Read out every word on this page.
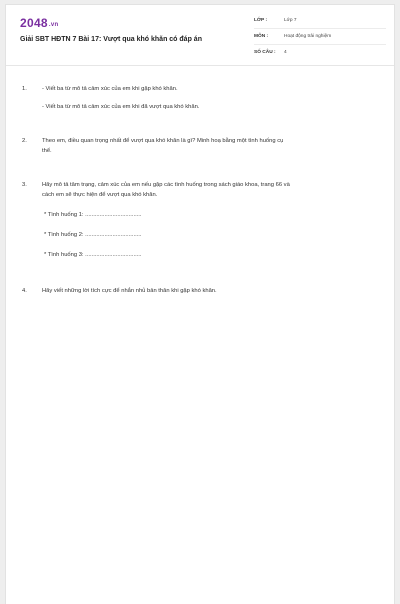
2048.vn
Giải SBT HĐTN 7 Bài 17: Vượt qua khó khăn có đáp án
LỚP :	Lớp 7
MÔN :	Hoạt động trải nghiệm
SỐ CÂU : 4
1.	- Viết ba từ mô tả cảm xúc của em khi gặp khó khăn.
- Viết ba từ mô tả cảm xúc của em khi đã vượt qua khó khăn.
2.	Theo em, điều quan trọng nhất để vượt qua khó khăn là gì? Minh hoạ bằng một tình huống cụ
thể.
3.	Hãy mô tả tâm trạng, cảm xúc của em nếu gặp các tình huống trong sách giáo khoa, trang 66 và
cách em sẽ thực hiện để vượt qua khó khăn.
* Tình huống 1: ...................................
* Tình huống 2: ...................................
* Tình huống 3: ...................................
4.	Hãy viết những lời tích cực để nhắn nhủ bản thân khi gặp khó khăn.
